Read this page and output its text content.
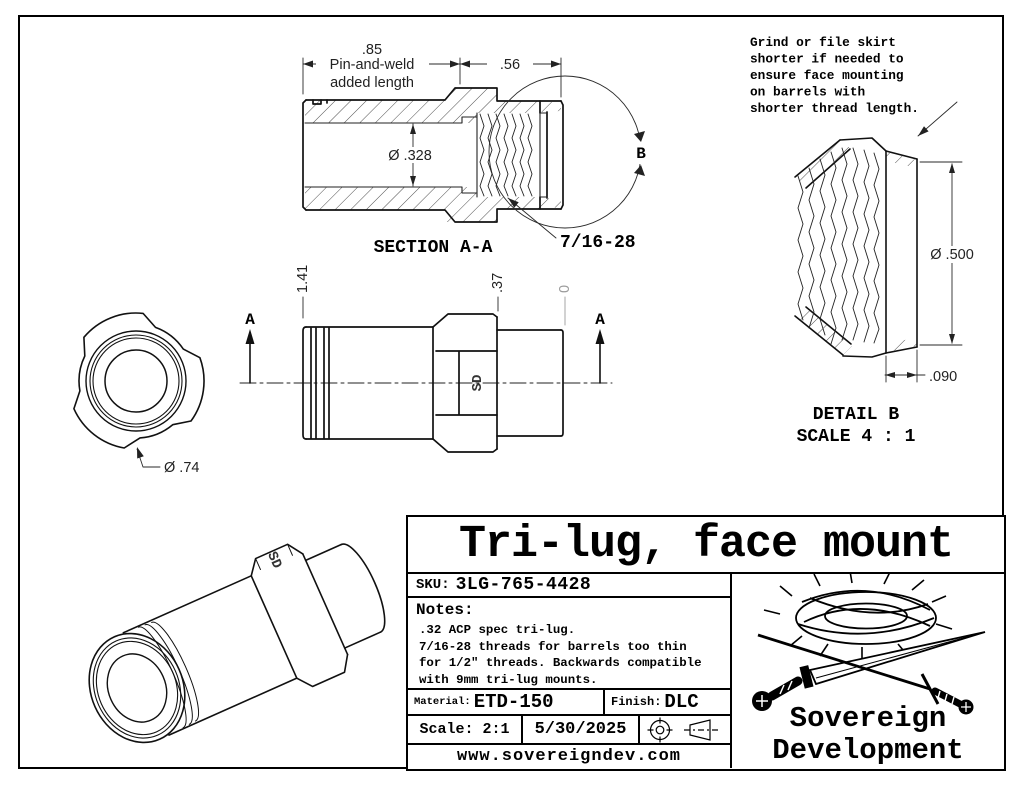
.85
Pin-and-weld
added length
.56
Ø .328	B
7/16-28
SECTION A-A
SD
A	A
1.41	.37	0
Ø .74
Grind or file skirt
shorter if needed to
ensure face mounting
on barrels with
shorter thread length.
Ø .500
.090
DETAIL B
SCALE 4 : 1
SD	Tri-lug, face mount
SKU: 3LG-765-4428
Notes:
.32 ACP spec tri-lug.
7/16-28 threads for barrels too thin
for 1/2" threads. Backwards compatible
with 9mm tri-lug mounts.
Material: ETD-150	Finish: DLC
Scale:
2:1	5/30/2025
www.sovereigndev.com
Sovereign
Development
